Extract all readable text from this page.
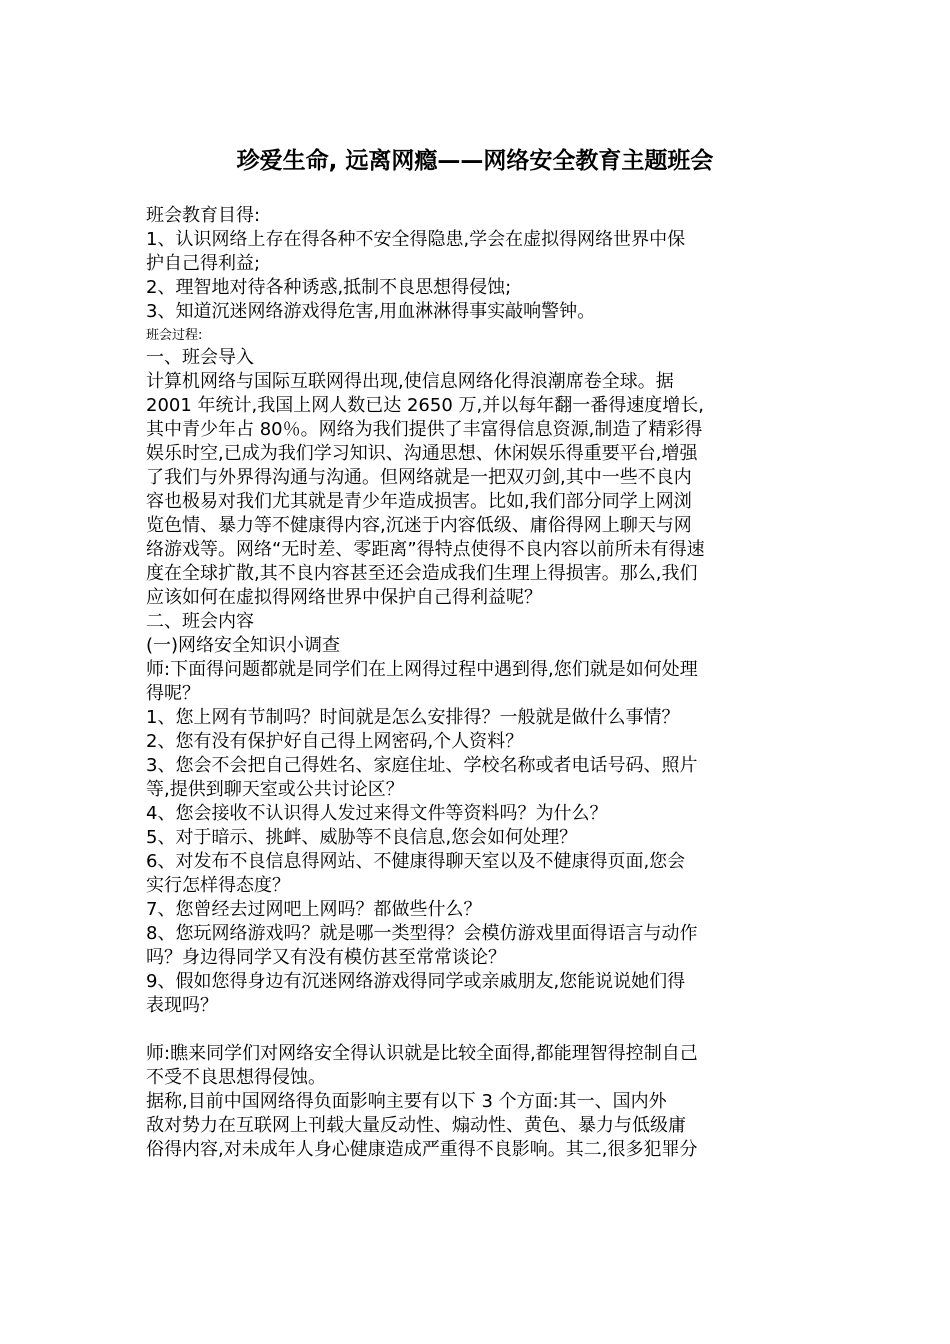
珍爱生命, 远离网瘾——网络安全教育主题班会
班会教育目得:
1、认识网络上存在得各种不安全得隐患,学会在虚拟得网络世界中保
护自己得利益;
2、理智地对待各种诱惑,抵制不良思想得侵蚀;
3、知道沉迷网络游戏得危害,用血淋淋得事实敲响警钟。
班会过程:
一、班会导入
计算机网络与国际互联网得出现,使信息网络化得浪潮席卷全球。据
2001 年统计,我国上网人数已达 2650 万,并以每年翻一番得速度增长,
其中青少年占 80％。网络为我们提供了丰富得信息资源,制造了精彩得
娱乐时空,已成为我们学习知识、沟通思想、休闲娱乐得重要平台,增强
了我们与外界得沟通与沟通。但网络就是一把双刃剑,其中一些不良内
容也极易对我们尤其就是青少年造成损害。比如,我们部分同学上网浏
览色情、暴力等不健康得内容,沉迷于内容低级、庸俗得网上聊天与网
络游戏等。网络“无时差、零距离”得特点使得不良内容以前所未有得速
度在全球扩散,其不良内容甚至还会造成我们生理上得损害。那么,我们
应该如何在虚拟得网络世界中保护自己得利益呢？
二、班会内容
(一)网络安全知识小调查
师:下面得问题都就是同学们在上网得过程中遇到得,您们就是如何处理
得呢？
1、您上网有节制吗？时间就是怎么安排得？一般就是做什么事情？
2、您有没有保护好自己得上网密码,个人资料？
3、您会不会把自己得姓名、家庭住址、学校名称或者电话号码、照片
等,提供到聊天室或公共讨论区？
4、您会接收不认识得人发过来得文件等资料吗？为什么？
5、对于暗示、挑衅、威胁等不良信息,您会如何处理？
6、对发布不良信息得网站、不健康得聊天室以及不健康得页面,您会
实行怎样得态度？
7、您曾经去过网吧上网吗？都做些什么？
8、您玩网络游戏吗？就是哪一类型得？会模仿游戏里面得语言与动作
吗？身边得同学又有没有模仿甚至常常谈论？
9、假如您得身边有沉迷网络游戏得同学或亲戚朋友,您能说说她们得
表现吗？
师:瞧来同学们对网络安全得认识就是比较全面得,都能理智得控制自己
不受不良思想得侵蚀。
据称,目前中国网络得负面影响主要有以下 3 个方面:其一、国内外
敌对势力在互联网上刊载大量反动性、煽动性、黄色、暴力与低级庸
俗得内容,对未成年人身心健康造成严重得不良影响。其二,很多犯罪分
